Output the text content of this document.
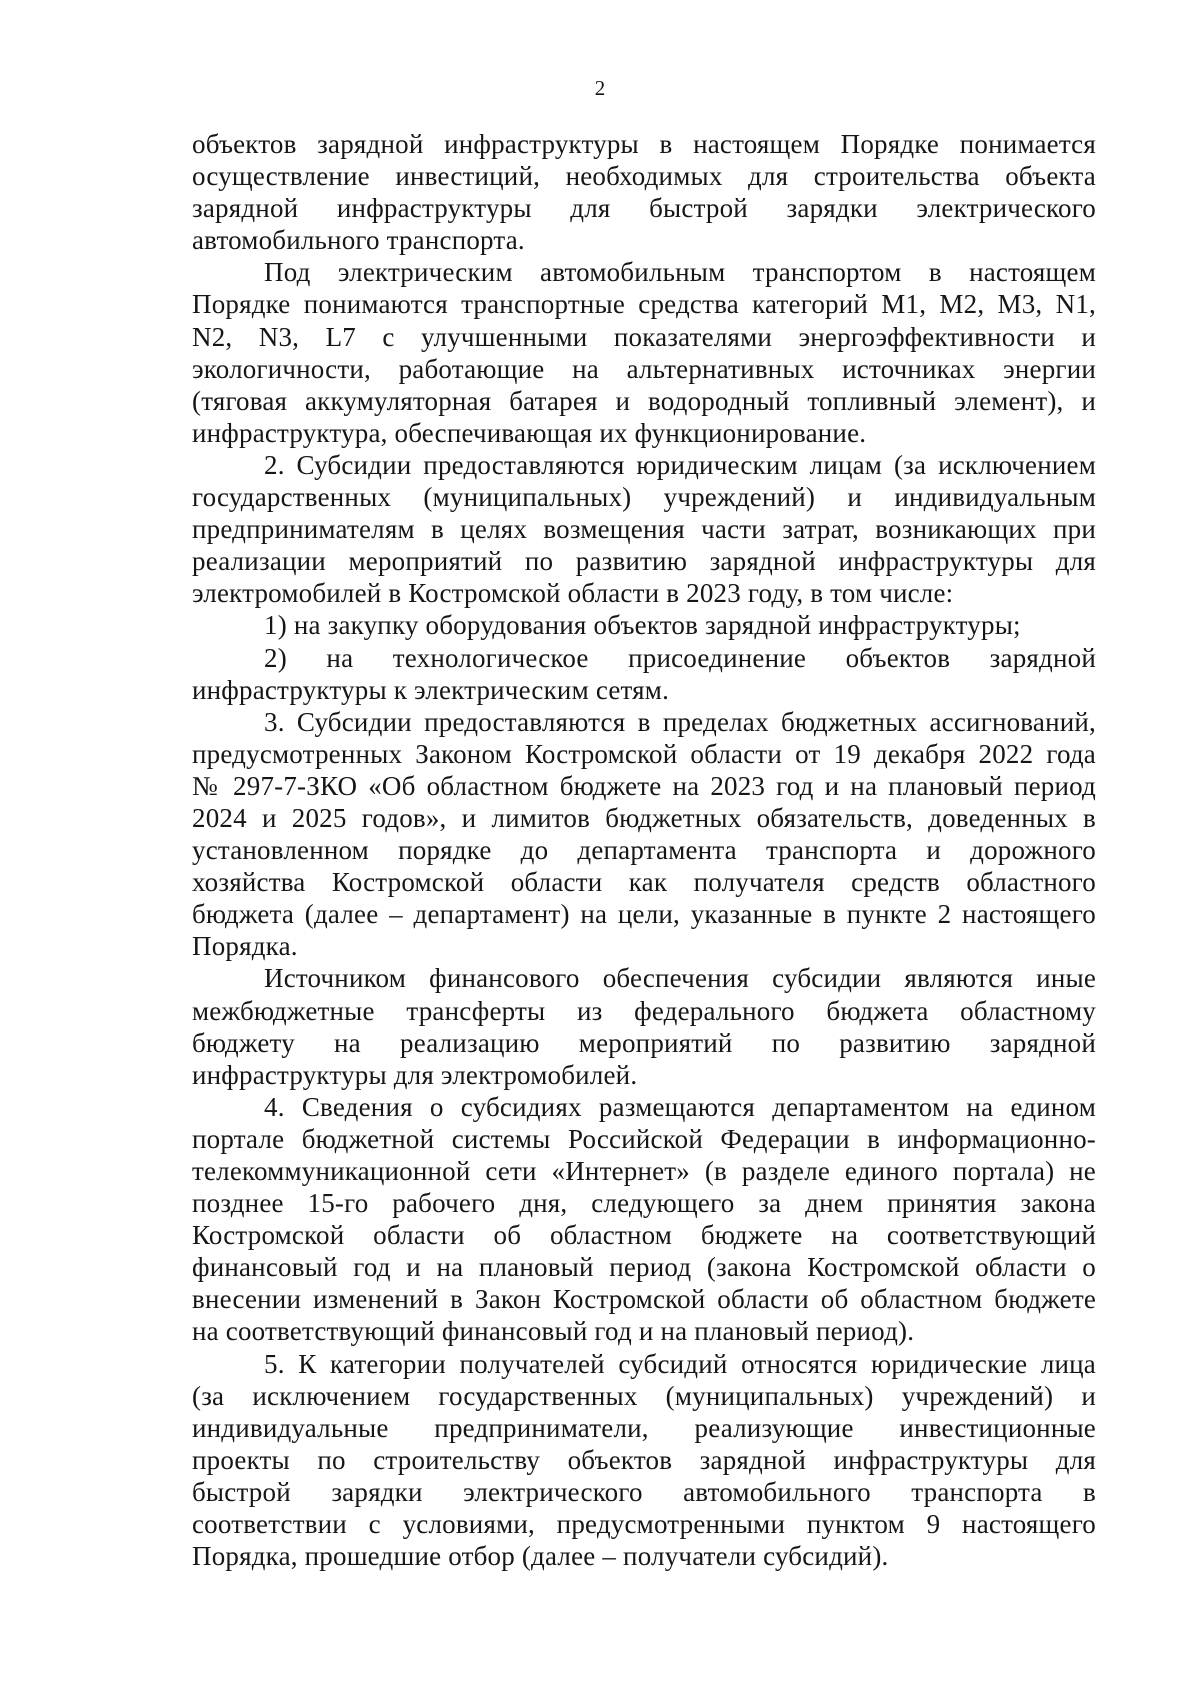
2
объектов зарядной инфраструктуры в настоящем Порядке понимается
осуществление инвестиций, необходимых для строительства объекта
зарядной инфраструктуры для быстрой зарядки электрического
автомобильного транспорта.
Под электрическим автомобильным транспортом в настоящем
Порядке понимаются транспортные средства категорий M1, M2, M3, N1,
N2, N3, L7 с улучшенными показателями энергоэффективности и
экологичности, работающие на альтернативных источниках энергии
(тяговая аккумуляторная батарея и водородный топливный элемент), и
инфраструктура, обеспечивающая их функционирование.
2. Субсидии предоставляются юридическим лицам (за исключением
государственных (муниципальных) учреждений) и индивидуальным
предпринимателям в целях возмещения части затрат, возникающих при
реализации мероприятий по развитию зарядной инфраструктуры для
электромобилей в Костромской области в 2023 году, в том числе:
1) на закупку оборудования объектов зарядной инфраструктуры;
2) на технологическое присоединение объектов зарядной
инфраструктуры к электрическим сетям.
3. Субсидии предоставляются в пределах бюджетных ассигнований,
предусмотренных Законом Костромской области от 19 декабря 2022 года
№ 297-7-ЗКО «Об областном бюджете на 2023 год и на плановый период
2024 и 2025 годов», и лимитов бюджетных обязательств, доведенных в
установленном порядке до департамента транспорта и дорожного
хозяйства Костромской области как получателя средств областного
бюджета (далее – департамент) на цели, указанные в пункте 2 настоящего
Порядка.
Источником финансового обеспечения субсидии являются иные
межбюджетные трансферты из федерального бюджета областному
бюджету на реализацию мероприятий по развитию зарядной
инфраструктуры для электромобилей.
4. Сведения о субсидиях размещаются департаментом на едином
портале бюджетной системы Российской Федерации в информационно-
телекоммуникационной сети «Интернет» (в разделе единого портала) не
позднее 15-го рабочего дня, следующего за днем принятия закона
Костромской области об областном бюджете на соответствующий
финансовый год и на плановый период (закона Костромской области о
внесении изменений в Закон Костромской области об областном бюджете
на соответствующий финансовый год и на плановый период).
5. К категории получателей субсидий относятся юридические лица
(за исключением государственных (муниципальных) учреждений) и
индивидуальные предприниматели, реализующие инвестиционные
проекты по строительству объектов зарядной инфраструктуры для
быстрой зарядки электрического автомобильного транспорта в
соответствии с условиями, предусмотренными пунктом 9 настоящего
Порядка, прошедшие отбор (далее – получатели субсидий).
